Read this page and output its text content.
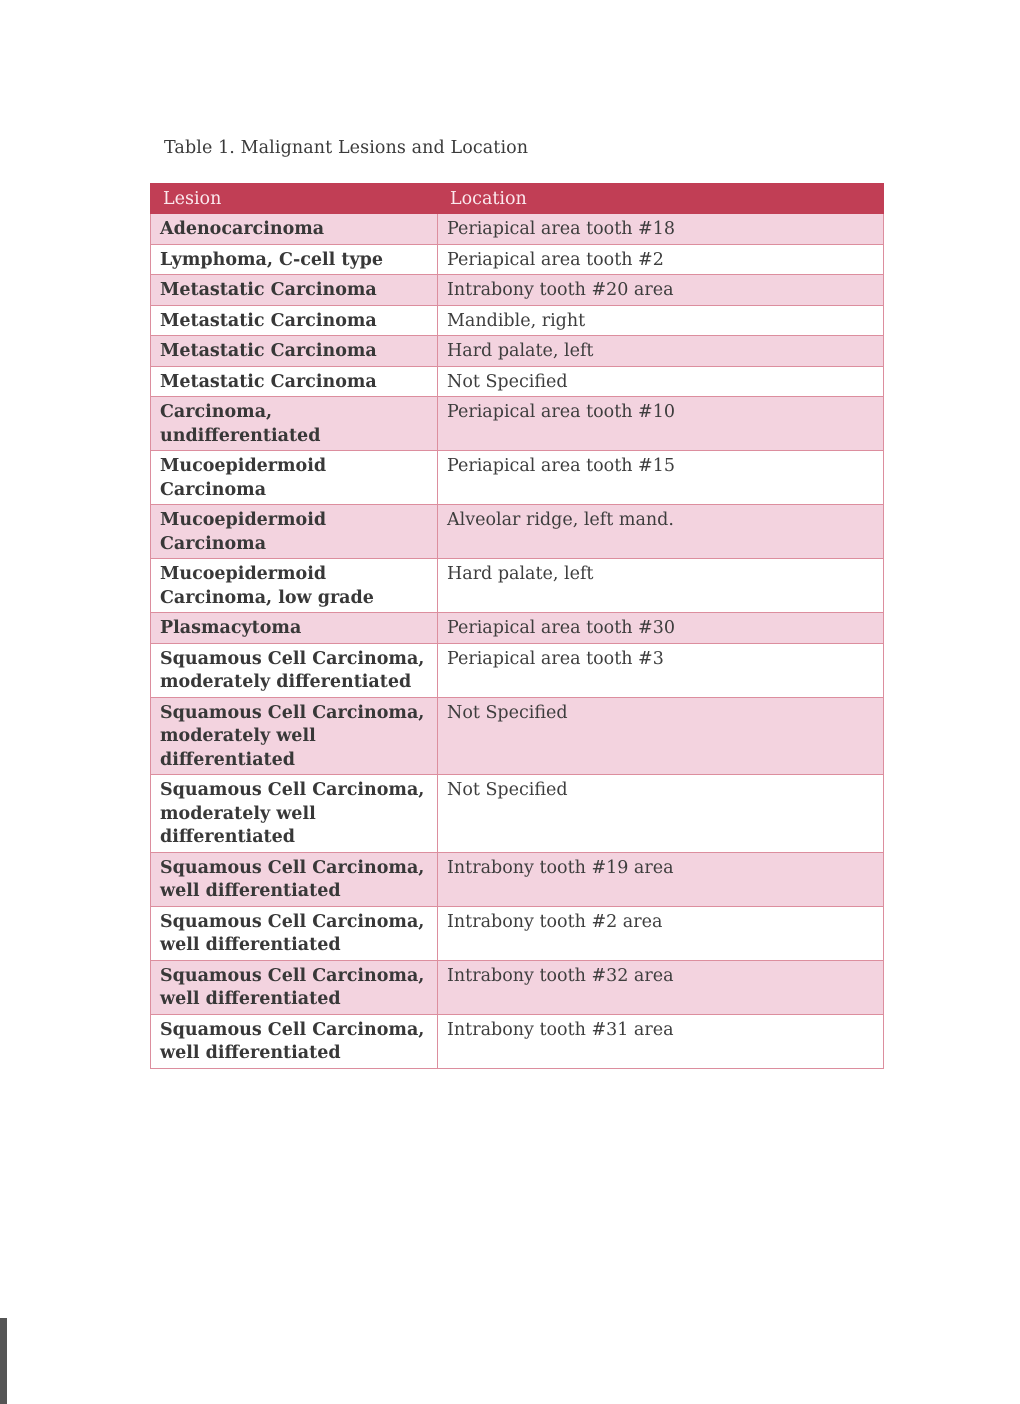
Table 1. Malignant Lesions and Location
Lesion	Location
Adenocarcinoma	Periapical area tooth #18
Lymphoma, C-cell type	Periapical area tooth #2
Metastatic Carcinoma	Intrabony tooth #20 area
Metastatic Carcinoma	Mandible, right
Metastatic Carcinoma	Hard palate, left
Metastatic Carcinoma	Not Specified
Carcinoma, undifferentiated	Periapical area tooth #10
Mucoepidermoid Carcinoma	Periapical area tooth #15
Mucoepidermoid Carcinoma	Alveolar ridge, left mand.
Mucoepidermoid Carcinoma, low grade	Hard palate, left
Plasmacytoma	Periapical area tooth #30
Squamous Cell Carcinoma, moderately differentiated	Periapical area tooth #3
Squamous Cell Carcinoma, moderately well differentiated	Not Specified
Squamous Cell Carcinoma, moderately well differentiated	Not Specified
Squamous Cell Carcinoma, well differentiated	Intrabony tooth #19 area
Squamous Cell Carcinoma, well differentiated	Intrabony tooth #2 area
Squamous Cell Carcinoma, well differentiated	Intrabony tooth #32 area
Squamous Cell Carcinoma, well differentiated	Intrabony tooth #31 area
